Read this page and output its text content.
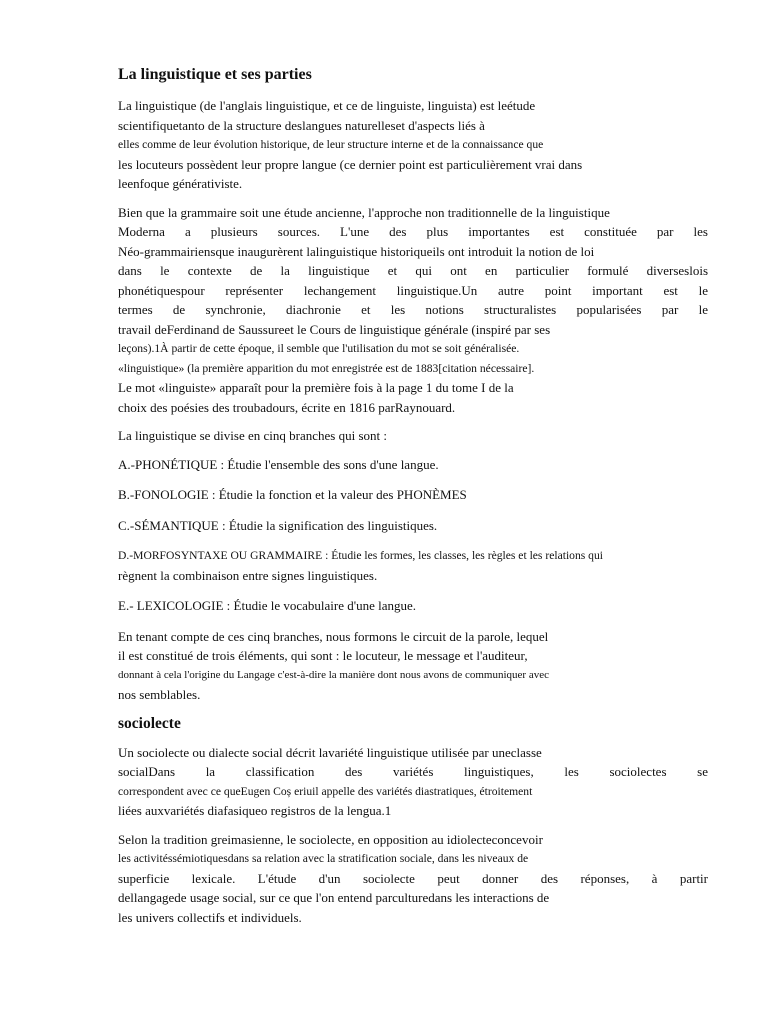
La linguistique et ses parties
La linguistique (de l'anglais linguistique, et ce de linguiste, linguista) est leétude
scientifiquetanto de la structure deslangues naturelleset d'aspects liés à
elles comme de leur évolution historique, de leur structure interne et de la connaissance que
les locuteurs possèdent leur propre langue (ce dernier point est particulièrement vrai dans
leenfoque générativiste.
Bien que la grammaire soit une étude ancienne, l'approche non traditionnelle de la linguistique
Moderna a plusieurs sources. L'une des plus importantes est constituée par les
Néo-grammairiensque inaugurèrent lalinguistique historiqueils ont introduit la notion de loi
dans le contexte de la linguistique et qui ont en particulier formulé diverseslois
phonétiquespour représenter lechangement linguistique.Un autre point important est le
termes de synchronie, diachronie et les notions structuralistes popularisées par le
travail deFerdinand de Saussureet le Cours de linguistique générale (inspiré par ses
leçons).1À partir de cette époque, il semble que l'utilisation du mot se soit généralisée.
«linguistique» (la première apparition du mot enregistrée est de 1883[citation nécessaire].
Le mot «linguiste» apparaît pour la première fois à la page 1 du tome I de la
choix des poésies des troubadours, écrite en 1816 parRaynouard.
La linguistique se divise en cinq branches qui sont :
A.-PHONÉTIQUE : Étudie l'ensemble des sons d'une langue.
B.-FONOLOGIE : Étudie la fonction et la valeur des PHONÈMES
C.-SÉMANTIQUE : Étudie la signification des linguistiques.
D.-MORFOSYNTAXE OU GRAMMAIRE : Étudie les formes, les classes, les règles et les relations qui
règnent la combinaison entre signes linguistiques.
E.- LEXICOLOGIE : Étudie le vocabulaire d'une langue.
En tenant compte de ces cinq branches, nous formons le circuit de la parole, lequel
il est constitué de trois éléments, qui sont : le locuteur, le message et l'auditeur,
donnant à cela l'origine du Langage c'est-à-dire la manière dont nous avons de communiquer avec
nos semblables.
sociolecte
Un sociolecte ou dialecte social décrit lavariété linguistique utilisée par uneclasse
socialDans la classification des variétés linguistiques, les sociolectes se
correspondent avec ce queEugen Coș eriuil appelle des variétés diastratiques, étroitement
liées auxvariétés diafasiqueo registros de la lengua.1
Selon la tradition greimasienne, le sociolecte, en opposition au idiolecteconcevoir
les activitéssémiotiquesdans sa relation avec la stratification sociale, dans les niveaux de
superficie lexicale. L'étude d'un sociolecte peut donner des réponses, à partir
dellangagede usage social, sur ce que l'on entend parculturedans les interactions de
les univers collectifs et individuels.
